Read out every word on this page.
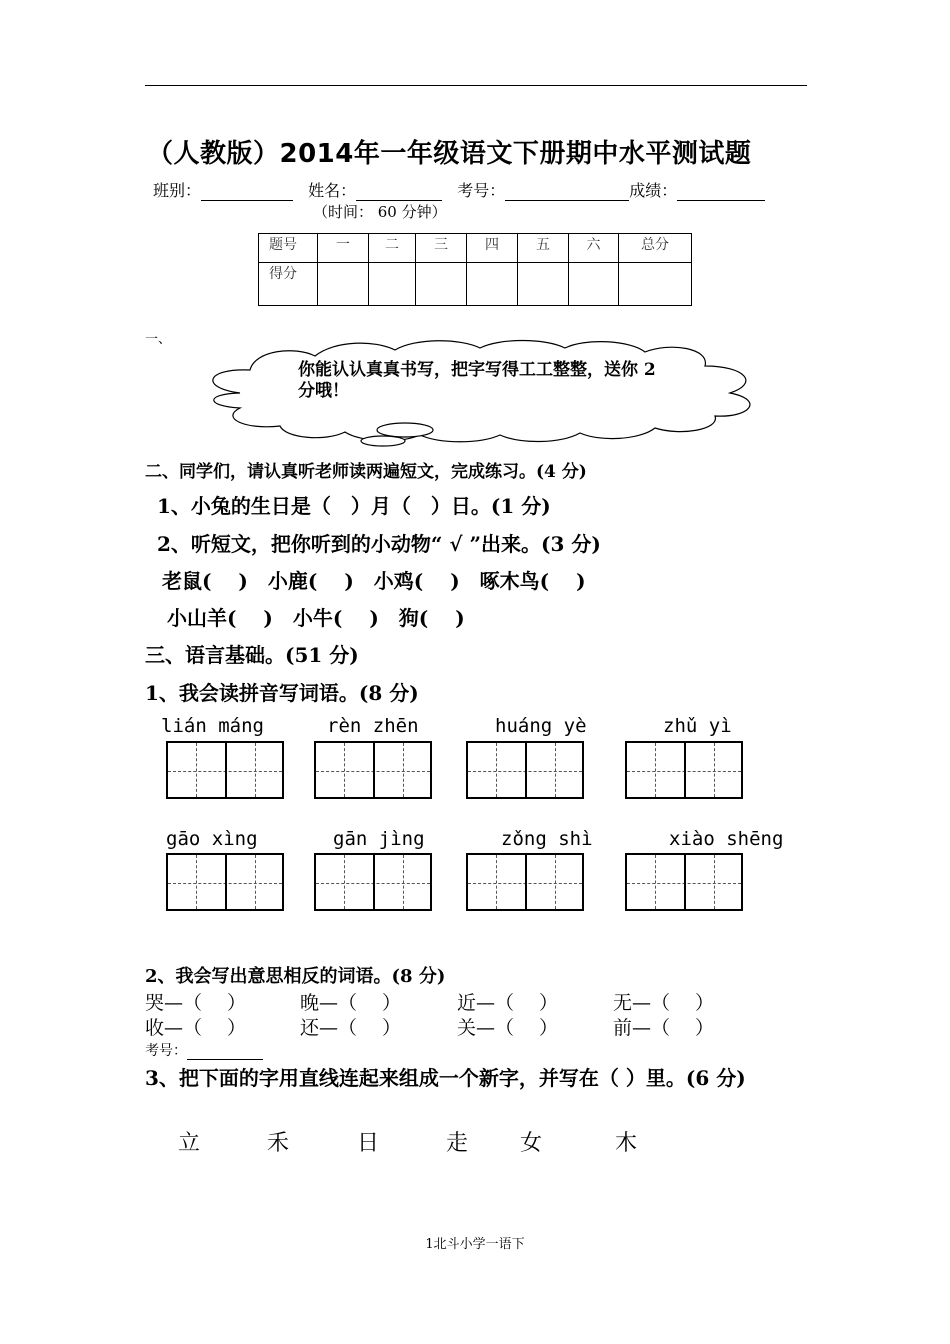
（人教版）2014年一年级语文下册期中水平测试题
班别：	姓名：	考号：	成绩：
（时间： 60 分钟）
题号	一	二	三	四	五	六	总分
得分							
一、
你能认认真真书写，把字写得工工整整，送你 2 分哦！
二、同学们，请认真听老师读两遍短文，完成练习。(4 分)
1、小兔的生日是（　）月（　）日。(1 分)
2、听短文，把你听到的小动物“ √ ”出来。(3 分)
老鼠(　 ) 小鹿(　 ) 小鸡(　 ) 啄木鸟(　 )
小山羊(　 ) 小牛(　 ) 狗(　 )
三、语言基础。(51 分)
1、我会读拼音写词语。(8 分)
lián máng	rèn zhēn	huáng yè	zhǔ yì
gāo xìng	gān jìng	zǒng shì	xiào shēng
2、我会写出意思相反的词语。(8 分)
哭—（　 ）	晚—（　 ）	近—（　 ）	无—（　 ）
收—（　 ）	还—（　 ）	关—（　 ）	前—（　 ）
考号：
3、把下面的字用直线连起来组成一个新字，并写在（ ）里。(6 分)
立	禾	日	走 女	木
1北斗小学一语下
